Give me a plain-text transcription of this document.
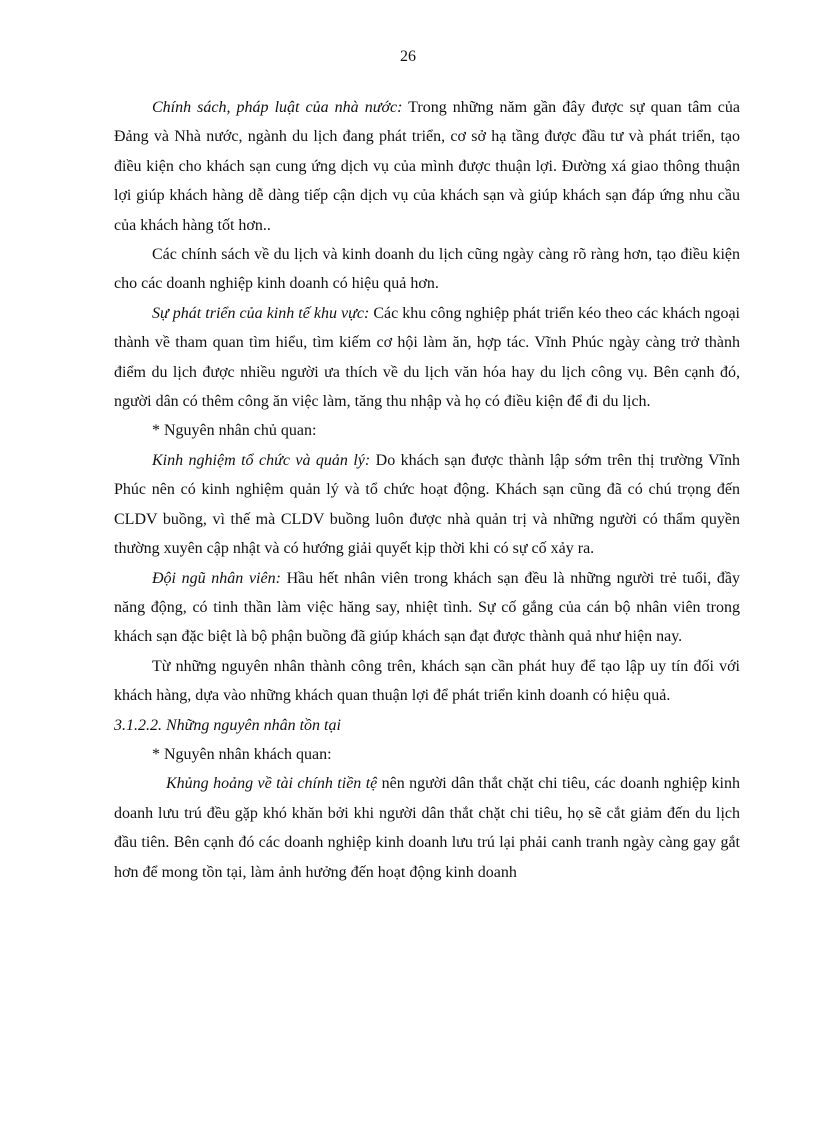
26

Chính sách, pháp luật của nhà nước: Trong những năm gần đây được sự quan tâm của Đảng và Nhà nước, ngành du lịch đang phát triển, cơ sở hạ tầng được đầu tư và phát triển, tạo điều kiện cho khách sạn cung ứng dịch vụ của mình được thuận lợi. Đường xá giao thông thuận lợi giúp khách hàng dễ dàng tiếp cận dịch vụ của khách sạn và giúp khách sạn đáp ứng nhu cầu của khách hàng tốt hơn..

Các chính sách về du lịch và kinh doanh du lịch cũng ngày càng rõ ràng hơn, tạo điều kiện cho các doanh nghiệp kinh doanh có hiệu quả hơn.

Sự phát triển của kinh tế khu vực: Các khu công nghiệp phát triển kéo theo các khách ngoại thành về tham quan tìm hiểu, tìm kiếm cơ hội làm ăn, hợp tác. Vĩnh Phúc ngày càng trở thành điểm du lịch được nhiều người ưa thích về du lịch văn hóa hay du lịch công vụ. Bên cạnh đó, người dân có thêm công ăn việc làm, tăng thu nhập và họ có điều kiện để đi du lịch.

* Nguyên nhân chủ quan:

Kinh nghiệm tổ chức và quản lý: Do khách sạn được thành lập sớm trên thị trường Vĩnh Phúc nên có kinh nghiệm quản lý và tổ chức hoạt động. Khách sạn cũng đã có chú trọng đến CLDV buồng, vì thế mà CLDV buồng luôn được nhà quản trị và những người có thẩm quyền thường xuyên cập nhật và có hướng giải quyết kịp thời khi có sự cố xảy ra.

Đội ngũ nhân viên: Hầu hết nhân viên trong khách sạn đều là những người trẻ tuổi, đầy năng động, có tinh thần làm việc hăng say, nhiệt tình. Sự cố gắng của cán bộ nhân viên trong khách sạn đặc biệt là bộ phận buồng đã giúp khách sạn đạt được thành quả như hiện nay.

Từ những nguyên nhân thành công trên, khách sạn cần phát huy để tạo lập uy tín đối với khách hàng, dựa vào những khách quan thuận lợi để phát triển kinh doanh có hiệu quả.

3.1.2.2. Những nguyên nhân tồn tại

* Nguyên nhân khách quan:

Khủng hoảng về tài chính tiền tệ nên người dân thắt chặt chi tiêu, các doanh nghiệp kinh doanh lưu trú đều gặp khó khăn bởi khi người dân thắt chặt chi tiêu, họ sẽ cắt giảm đến du lịch đầu tiên. Bên cạnh đó các doanh nghiệp kinh doanh lưu trú lại phải canh tranh ngày càng gay gắt hơn để mong tồn tại, làm ảnh hưởng đến hoạt động kinh doanh
